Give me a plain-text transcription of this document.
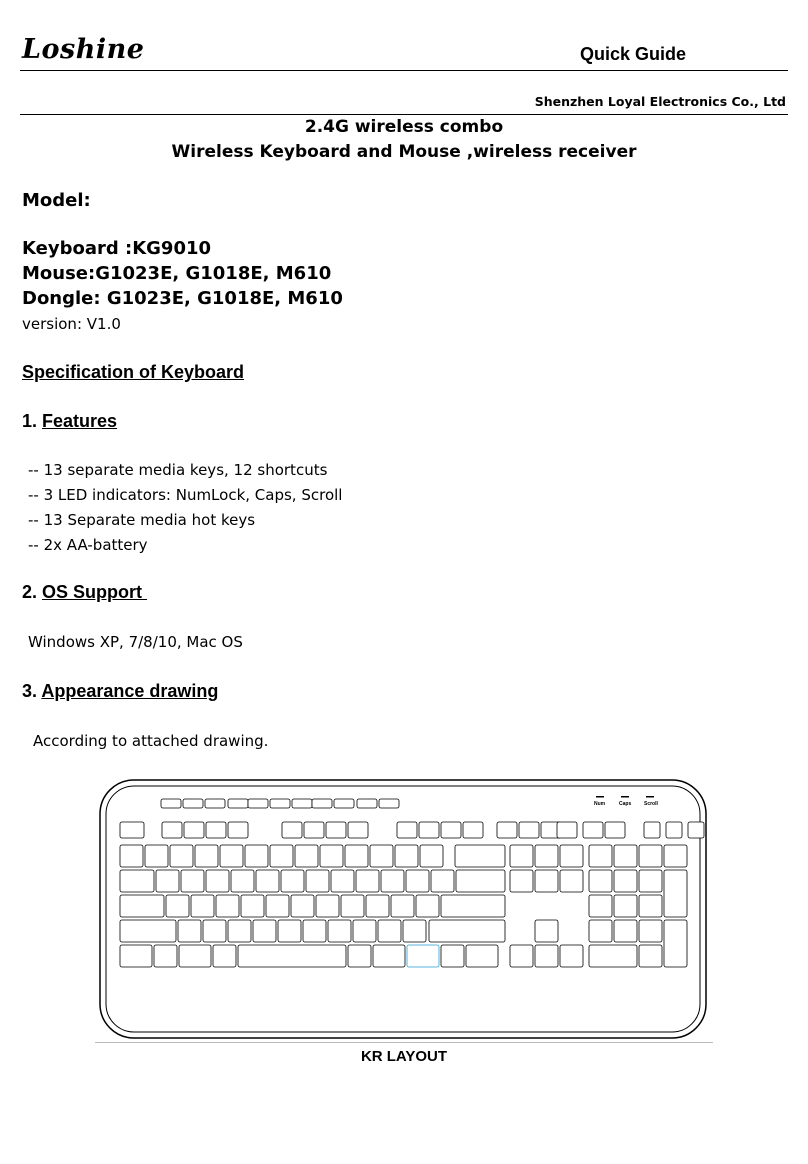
Loshine	Quick Guide
Shenzhen Loyal Electronics Co., Ltd
2.4G wireless combo
Wireless Keyboard and Mouse ,wireless receiver
Model:
Keyboard :KG9010
Mouse:G1023E, G1018E, M610
Dongle: G1023E, G1018E, M610
version: V1.0
Specification of Keyboard
1. Features
-- 13 separate media keys, 12 shortcuts
-- 3 LED indicators: NumLock, Caps, Scroll
-- 13 Separate media hot keys
-- 2x AA-battery
2. OS Support
Windows XP, 7/8/10, Mac OS
3. Appearance drawing
According to attached drawing.
Num	Caps	Scroll
KR LAYOUT
